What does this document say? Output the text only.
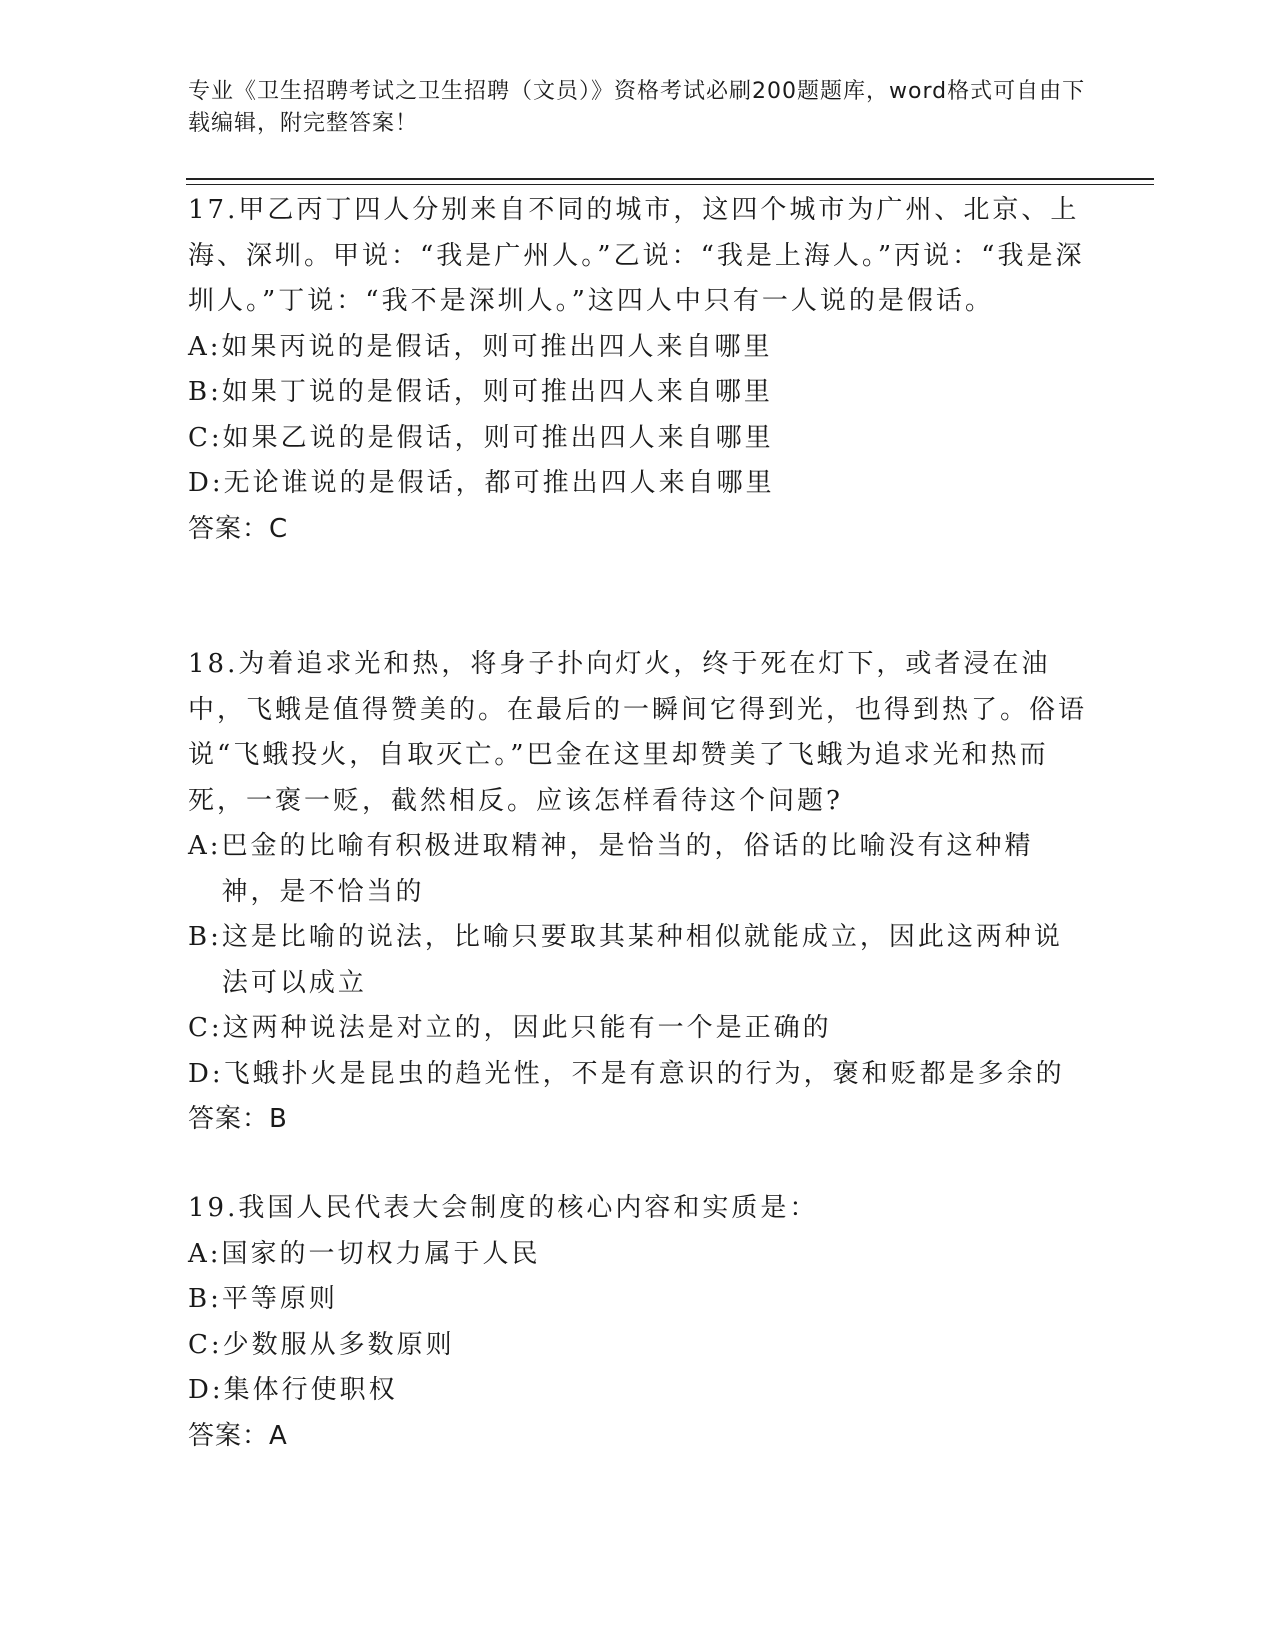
专业《卫生招聘考试之卫生招聘（文员）》资格考试必刷200题题库，word格式可自由下载编辑，附完整答案！

17.甲乙丙丁四人分别来自不同的城市，这四个城市为广州、北京、上海、深圳。甲说：“我是广州人。”乙说：“我是上海人。”丙说：“我是深圳人。”丁说：“我不是深圳人。”这四人中只有一人说的是假话。

A: 如果丙说的是假话，则可推出四人来自哪里
B: 如果丁说的是假话，则可推出四人来自哪里
C: 如果乙说的是假话，则可推出四人来自哪里
D: 无论谁说的是假话，都可推出四人来自哪里

答案： C

18.为着追求光和热，将身子扑向灯火，终于死在灯下，或者浸在油中，飞蛾是值得赞美的。在最后的一瞬间它得到光，也得到热了。俗语说“飞蛾投火，自取灭亡。”巴金在这里却赞美了飞蛾为追求光和热而死，一褒一贬，截然相反。应该怎样看待这个问题?

A: 巴金的比喻有积极进取精神，是恰当的，俗话的比喻没有这种精神，是不恰当的
B: 这是比喻的说法，比喻只要取其某种相似就能成立，因此这两种说法可以成立
C: 这两种说法是对立的，因此只能有一个是正确的
D: 飞蛾扑火是昆虫的趋光性，不是有意识的行为，褒和贬都是多余的

答案： B

19.我国人民代表大会制度的核心内容和实质是：

A: 国家的一切权力属于人民
B: 平等原则
C: 少数服从多数原则
D: 集体行使职权

答案： A
